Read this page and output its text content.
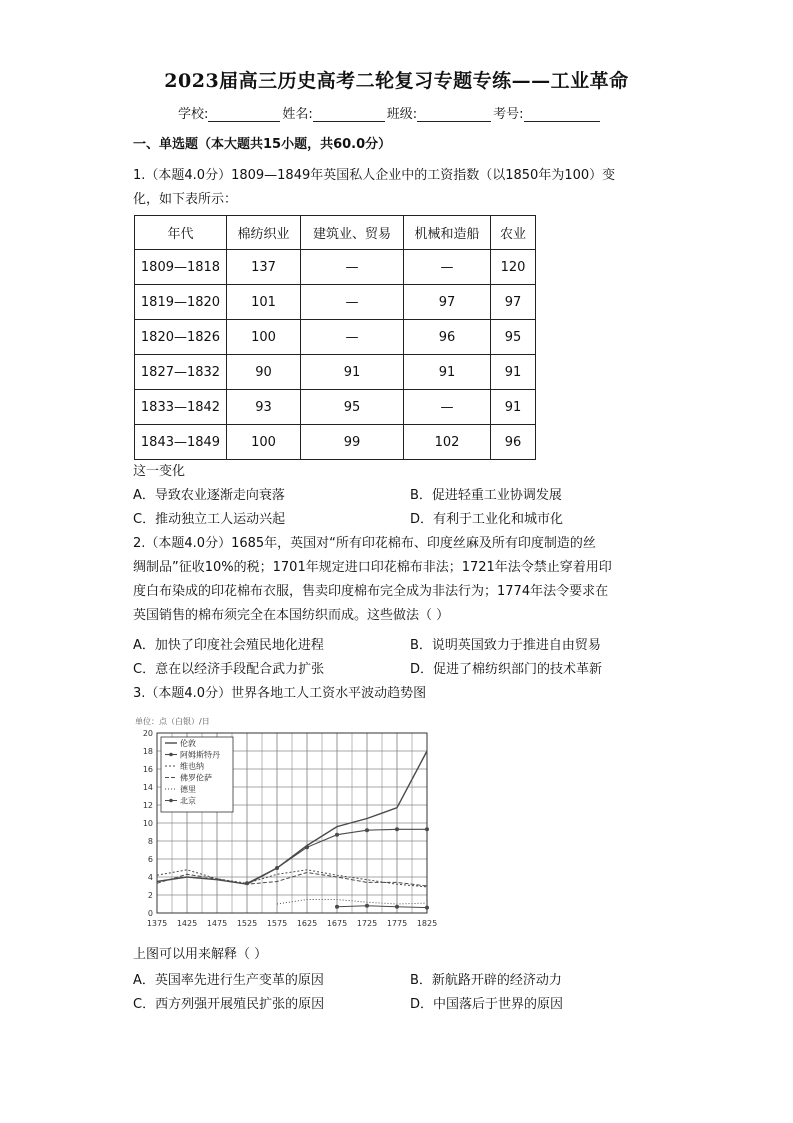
2023届高三历史高考二轮复习专题专练——工业革命
学校:	姓名:	班级:	考号:
一、单选题（本大题共15小题，共60.0分）
1.（本题4.0分）1809—1849年英国私人企业中的工资指数（以1850年为100）变
化，如下表所示：
年代	棉纺织业	建筑业、贸易	机械和造船	农业
1809—1818	137	—	—	120
1819—1820	101	—	97	97
1820—1826	100	—	96	95
1827—1832	90	91	91	91
1833—1842	93	95	—	91
1843—1849	100	99	102	96
这一变化
A．导致农业逐渐走向衰落	B．促进轻重工业协调发展
C．推动独立工人运动兴起	D．有利于工业化和城市化
2.（本题4.0分）1685年，英国对“所有印花棉布、印度丝麻及所有印度制造的丝
绸制品”征收10%的税；1701年规定进口印花棉布非法；1721年法令禁止穿着用印
度白布染成的印花棉布衣服，售卖印度棉布完全成为非法行为；1774年法令要求在
英国销售的棉布须完全在本国纺织而成。这些做法（ ）
A．加快了印度社会殖民地化进程	B．说明英国致力于推进自由贸易
C．意在以经济手段配合武力扩张	D．促进了棉纺织部门的技术革新
3.（本题4.0分）世界各地工人工资水平波动趋势图
0
2
4
6
8
10
12
14
16
18
20
1375 1425 1475 1525 1575 1625 1675 1725 1775 1825
单位：点（白银）/日
伦敦
阿姆斯特丹
维也纳
佛罗伦萨
德里
北京
上图可以用来解释（ ）
A．英国率先进行生产变革的原因	B．新航路开辟的经济动力
C．西方列强开展殖民扩张的原因	D．中国落后于世界的原因
